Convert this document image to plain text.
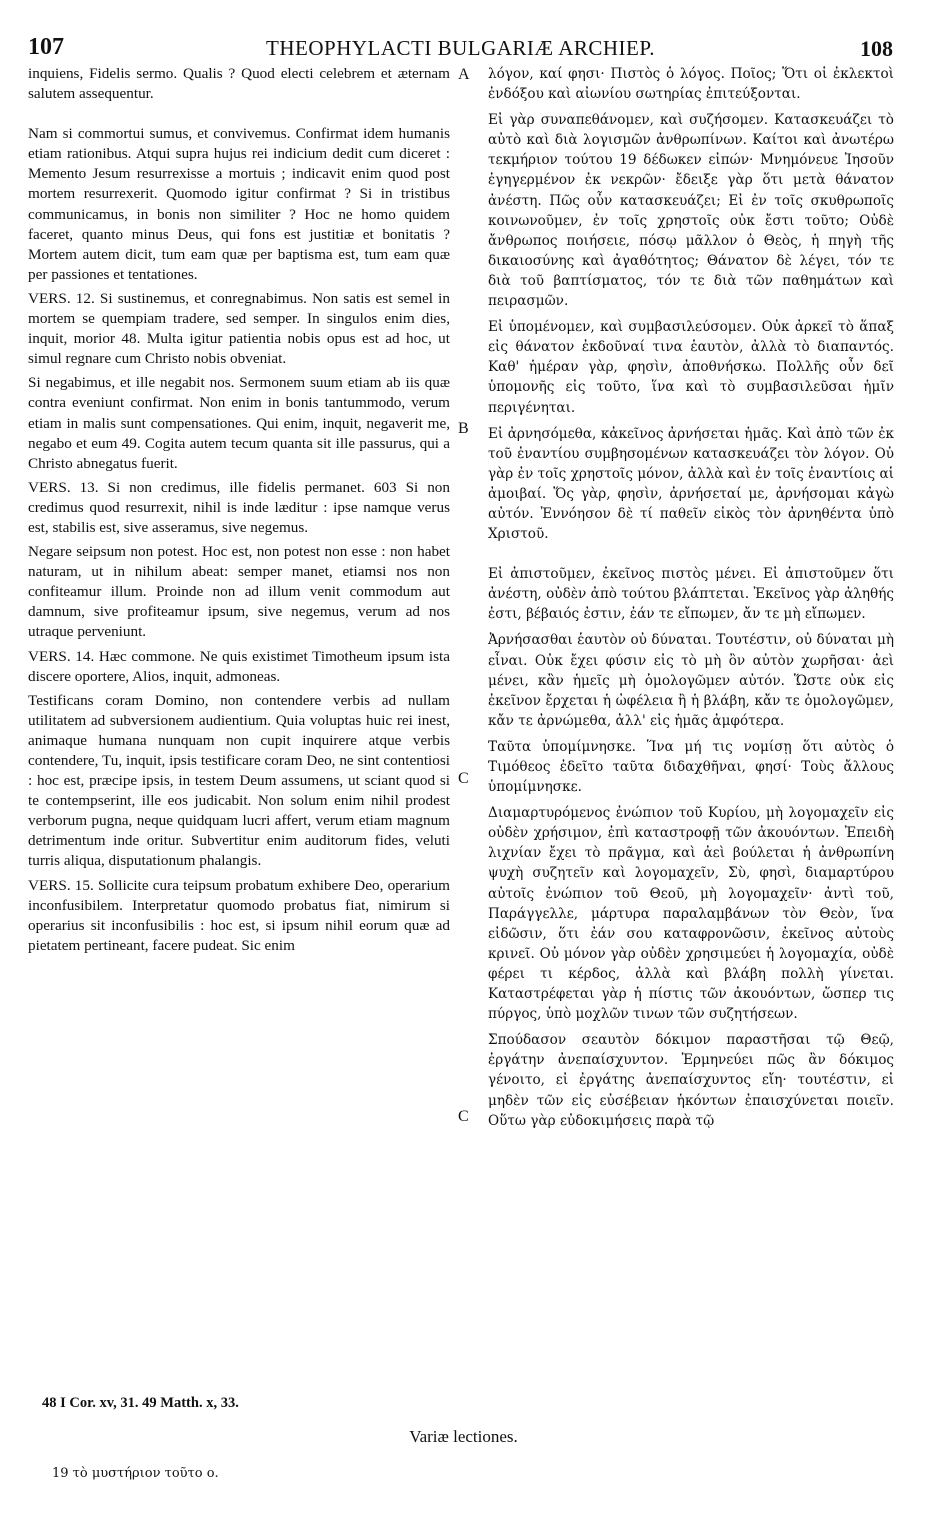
107	THEOPHYLACTI BULGARIÆ ARCHIEP.	108
A
B
C
C

inquiens, Fidelis sermo. Qualis ? Quod electi celebrem et æternam salutem assequentur.

Nam si commortui sumus, et convivemus. Confirmat idem humanis etiam rationibus. Atqui supra hujus rei indicium dedit cum diceret : Memento Jesum resurrexisse a mortuis ; indicavit enim quod post mortem resurrexerit. Quomodo igitur confirmat ? Si in tristibus communicamus, in bonis non similiter ? Hoc ne homo quidem faceret, quanto minus Deus, qui fons est justitiæ et bonitatis ? Mortem autem dicit, tum eam quæ per baptisma est, tum eam quæ per passiones et tentationes.

VERS. 12. Si sustinemus, et conregnabimus. Non satis est semel in mortem se quempiam tradere, sed semper. In singulos enim dies, inquit, morior 48. Multa igitur patientia nobis opus est ad hoc, ut simul regnare cum Christo nobis obveniat.

Si negabimus, et ille negabit nos. Sermonem suum etiam ab iis quæ contra eveniunt confirmat. Non enim in bonis tantummodo, verum etiam in malis sunt compensationes. Qui enim, inquit, negaverit me, negabo et eum 49. Cogita autem tecum quanta sit ille passurus, qui a Christo abnegatus fuerit.

VERS. 13. Si non credimus, ille fidelis permanet. 603 Si non credimus quod resurrexit, nihil is inde læditur : ipse namque verus est, stabilis est, sive asseramus, sive negemus.

Negare seipsum non potest. Hoc est, non potest non esse : non habet naturam, ut in nihilum abeat: semper manet, etiamsi nos non confiteamur illum. Proinde non ad illum venit commodum aut damnum, sive profiteamur ipsum, sive negemus, verum ad nos utraque perveniunt.

VERS. 14. Hæc commone. Ne quis existimet Timotheum ipsum ista discere oportere, Alios, inquit, admoneas.

Testificans coram Domino, non contendere verbis ad nullam utilitatem ad subversionem audientium. Quia voluptas huic rei inest, animaque humana nunquam non cupit inquirere atque verbis contendere, Tu, inquit, ipsis testificare coram Deo, ne sint contentiosi : hoc est, præcipe ipsis, in testem Deum assumens, ut sciant quod si te contempserint, ille eos judicabit. Non solum enim nihil prodest verborum pugna, neque quidquam lucri affert, verum etiam magnum detrimentum inde oritur. Subvertitur enim auditorum fides, veluti turris aliqua, disputationum phalangis.

VERS. 15. Sollicite cura teipsum probatum exhibere Deo, operarium inconfusibilem. Interpretatur quomodo probatus fiat, nimirum si operarius sit inconfusibilis : hoc est, si ipsum nihil eorum quæ ad pietatem pertineant, facere pudeat. Sic enim

λόγον, καί φησι· Πιστὸς ὁ λόγος. Ποῖος; Ὅτι οἱ ἐκλεκτοὶ ἐνδόξου καὶ αἰωνίου σωτηρίας ἐπιτεύξονται.

Εἰ γὰρ συναπεθάνομεν, καὶ συζήσομεν. Κατασκευάζει τὸ αὐτὸ καὶ διὰ λογισμῶν ἀνθρωπίνων. Καίτοι καὶ ἀνωτέρω τεκμήριον τούτου 19 δέδωκεν εἰπών· Μνημόνευε Ἰησοῦν ἐγηγερμένον ἐκ νεκρῶν· ἔδειξε γὰρ ὅτι μετὰ θάνατον ἀνέστη. Πῶς οὖν κατασκευάζει; Εἰ ἐν τοῖς σκυθρωποῖς κοινωνοῦμεν, ἐν τοῖς χρηστοῖς οὐκ ἔστι τοῦτο; Οὐδὲ ἄνθρωπος ποιήσειε, πόσῳ μᾶλλον ὁ Θεὸς, ἡ πηγὴ τῆς δικαιοσύνης καὶ ἀγαθότητος; Θάνατον δὲ λέγει, τόν τε διὰ τοῦ βαπτίσματος, τόν τε διὰ τῶν παθημάτων καὶ πειρασμῶν.

Εἰ ὑπομένομεν, καὶ συμβασιλεύσομεν. Οὐκ ἀρκεῖ τὸ ἅπαξ εἰς θάνατον ἐκδοῦναί τινα ἑαυτὸν, ἀλλὰ τὸ διαπαντός. Καθ' ἡμέραν γὰρ, φησὶν, ἀποθνήσκω. Πολλῆς οὖν δεῖ ὑπομονῆς εἰς τοῦτο, ἵνα καὶ τὸ συμβασιλεῦσαι ἡμῖν περιγένηται.

Εἰ ἀρνησόμεθα, κἀκεῖνος ἀρνήσεται ἡμᾶς. Καὶ ἀπὸ τῶν ἐκ τοῦ ἐναντίου συμβησομένων κατασκευάζει τὸν λόγον. Οὐ γὰρ ἐν τοῖς χρηστοῖς μόνον, ἀλλὰ καὶ ἐν τοῖς ἐναντίοις αἱ ἀμοιβαί. Ὅς γὰρ, φησὶν, ἀρνήσεταί με, ἀρνήσομαι κἀγὼ αὐτόν. Ἐννόησον δὲ τί παθεῖν εἰκὸς τὸν ἀρνηθέντα ὑπὸ Χριστοῦ.

Εἰ ἀπιστοῦμεν, ἐκεῖνος πιστὸς μένει. Εἰ ἀπιστοῦμεν ὅτι ἀνέστη, οὐδὲν ἀπὸ τούτου βλάπτεται. Ἐκεῖνος γὰρ ἀληθής ἐστι, βέβαιός ἐστιν, ἐάν τε εἴπωμεν, ἄν τε μὴ εἴπωμεν.

Ἀρνήσασθαι ἑαυτὸν οὐ δύναται. Τουτέστιν, οὐ δύναται μὴ εἶναι. Οὐκ ἔχει φύσιν εἰς τὸ μὴ ὂν αὐτὸν χωρῆσαι· ἀεὶ μένει, κἂν ἡμεῖς μὴ ὁμολογῶμεν αὐτόν. Ὥστε οὐκ εἰς ἐκεῖνον ἔρχεται ἡ ὠφέλεια ἢ ἡ βλάβη, κἄν τε ὁμολογῶμεν, κἄν τε ἀρνώμεθα, ἀλλ' εἰς ἡμᾶς ἀμφότερα.

Ταῦτα ὑπομίμνησκε. Ἵνα μή τις νομίσῃ ὅτι αὐτὸς ὁ Τιμόθεος ἐδεῖτο ταῦτα διδαχθῆναι, φησί· Τοὺς ἄλλους ὑπομίμνησκε.

Διαμαρτυρόμενος ἐνώπιον τοῦ Κυρίου, μὴ λογομαχεῖν εἰς οὐδὲν χρήσιμον, ἐπὶ καταστροφῇ τῶν ἀκουόντων. Ἐπειδὴ λιχνίαν ἔχει τὸ πρᾶγμα, καὶ ἀεὶ βούλεται ἡ ἀνθρωπίνη ψυχὴ συζητεῖν καὶ λογομαχεῖν, Σὺ, φησὶ, διαμαρτύρου αὐτοῖς ἐνώπιον τοῦ Θεοῦ, μὴ λογομαχεῖν· ἀντὶ τοῦ, Παράγγελλε, μάρτυρα παραλαμβάνων τὸν Θεὸν, ἵνα εἰδῶσιν, ὅτι ἐάν σου καταφρονῶσιν, ἐκεῖνος αὐτοὺς κρινεῖ. Οὐ μόνον γὰρ οὐδὲν χρησιμεύει ἡ λογομαχία, οὐδὲ φέρει τι κέρδος, ἀλλὰ καὶ βλάβη πολλὴ γίνεται. Καταστρέφεται γὰρ ἡ πίστις τῶν ἀκουόντων, ὥσπερ τις πύργος, ὑπὸ μοχλῶν τινων τῶν συζητήσεων.

Σπούδασον σεαυτὸν δόκιμον παραστῆσαι τῷ Θεῷ, ἐργάτην ἀνεπαίσχυντον. Ἑρμηνεύει πῶς ἂν δόκιμος γένοιτο, εἰ ἐργάτης ἀνεπαίσχυντος εἴη· τουτέστιν, εἰ μηδὲν τῶν εἰς εὐσέβειαν ἡκόντων ἐπαισχύνεται ποιεῖν. Οὕτω γὰρ εὐδοκιμήσεις παρὰ τῷ

48 I Cor. xv, 31. 49 Matth. x, 33.
Variæ lectiones.
19 τὸ μυστήριον τοῦτο ο.
